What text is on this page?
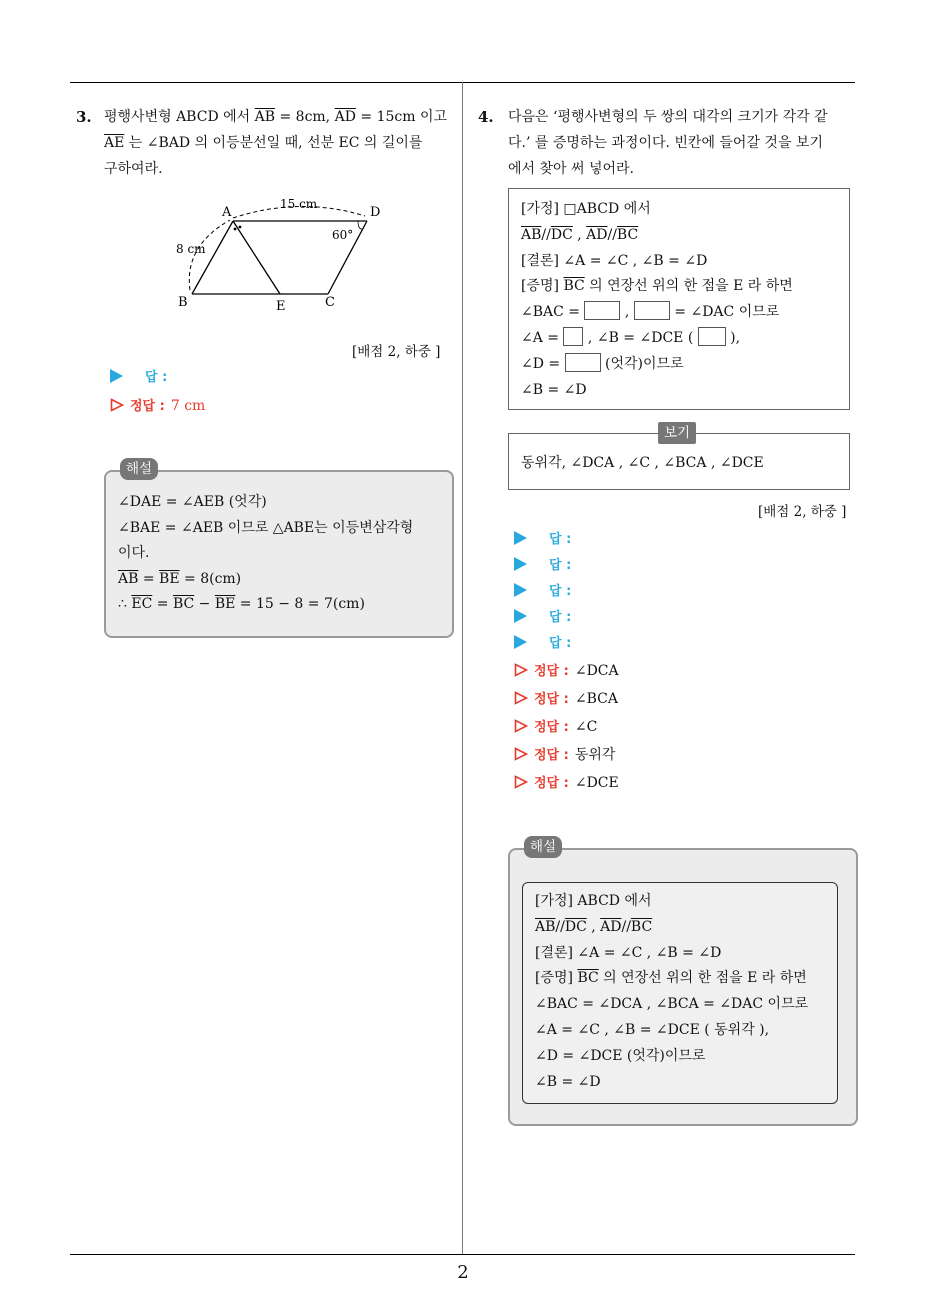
2
3. 평행사변형 ABCD 에서 $\overline{AB} = 8cm$, $\overline{AD} = 15cm$ 이고
$\overline{AE}$ 는 ∠BAD 의 이등분선일 때, 선분 EC 의 길이를
구하여라.
A	D
B	E	C
15 cm
8 cm
60°
[배점 2, 하중 ]
답 :
정답 : 7 cm
∠DAE = ∠AEB (엇각)
∠BAE = ∠AEB 이므로 △ABE는 이등변삼각형
이다.
$\overline{AB} = \overline{BE} = 8(cm)$
∴ $\overline{EC} = \overline{BC} - \overline{BE} = 15 - 8 = 7(cm)$
해설
4. 다음은 ‘평행사변형의 두 쌍의 대각의 크기가 각각 같
다.’ 를 증명하는 과정이다. 빈칸에 들어갈 것을 보기
에서 찾아 써 넣어라.
[가정] □ABCD 에서
$\overline{AB}//\overline{DC}$ , $\overline{AD}//\overline{BC}$
[결론] ∠A = ∠C , ∠B = ∠D
[증명] $\overline{BC}$ 의 연장선 위의 한 점을 E 라 하면
∠BAC =	,	= ∠DAC 이므로
∠A =  , ∠B = ∠DCE (  ),
∠D =	(엇각)이므로
∠B = ∠D
동위각, ∠DCA , ∠C , ∠BCA , ∠DCE
보기
[배점 2, 하중 ]
답 :
답 :
답 :
답 :
답 :
정답 : ∠DCA
정답 : ∠BCA
정답 : ∠C
정답 : 동위각
정답 : ∠DCE
[가정] ABCD 에서
$\overline{AB}//\overline{DC}$ , $\overline{AD}//\overline{BC}$
[결론] ∠A = ∠C , ∠B = ∠D
[증명] $\overline{BC}$ 의 연장선 위의 한 점을 E 라 하면
∠BAC = ∠DCA , ∠BCA = ∠DAC 이므로
∠A = ∠C , ∠B = ∠DCE ( 동위각 ),
∠D = ∠DCE (엇각)이므로
∠B = ∠D
해설
